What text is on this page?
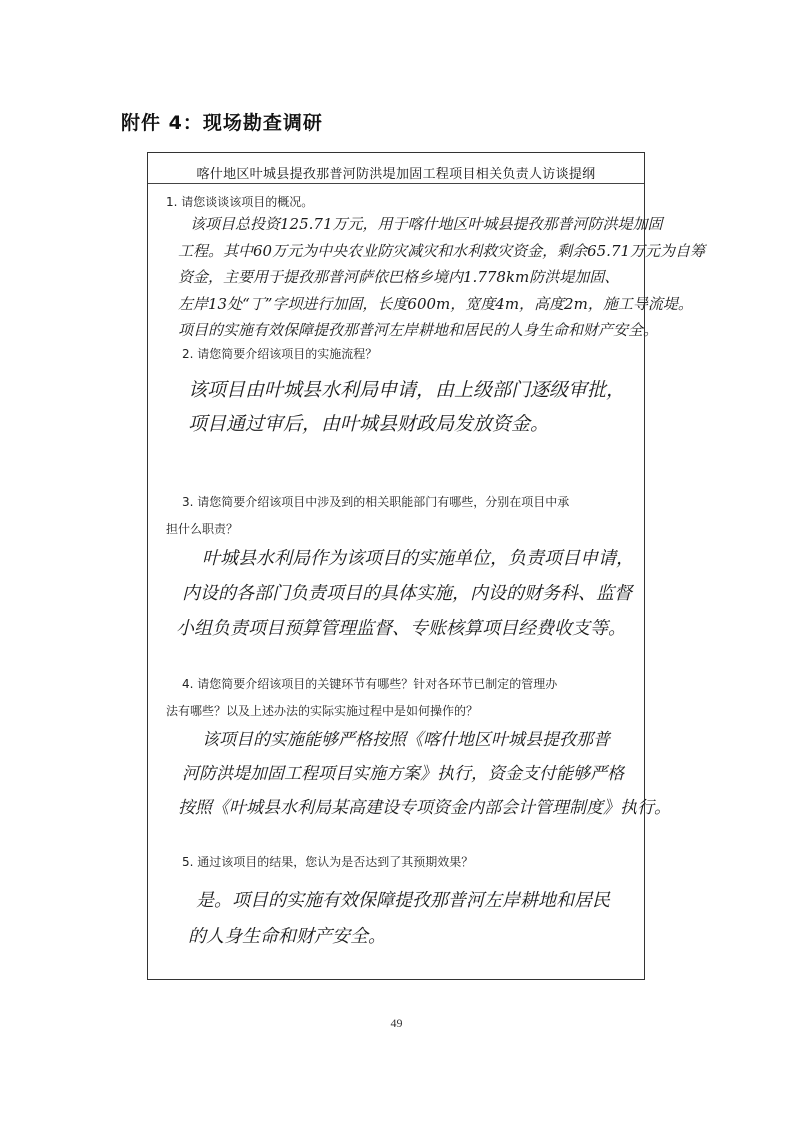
附件 4：现场勘查调研
喀什地区叶城县提孜那普河防洪堤加固工程项目相关负责人访谈提纲
1. 请您谈谈该项目的概况。
该项目总投资125.71万元，用于喀什地区叶城县提孜那普河防洪堤加固
工程。其中60万元为中央农业防灾减灾和水利救灾资金，剩余65.71万元为自筹
资金，主要用于提孜那普河萨依巴格乡境内1.778km防洪堤加固、
左岸13处“丁”字坝进行加固，长度600m，宽度4m，高度2m，施工导流堤。
项目的实施有效保障提孜那普河左岸耕地和居民的人身生命和财产安全。
2. 请您简要介绍该项目的实施流程？
该项目由叶城县水利局申请，由上级部门逐级审批，
项目通过审后，由叶城县财政局发放资金。
3. 请您简要介绍该项目中涉及到的相关职能部门有哪些，分别在项目中承
担什么职责？
叶城县水利局作为该项目的实施单位，负责项目申请，
内设的各部门负责项目的具体实施，内设的财务科、监督
小组负责项目预算管理监督、专账核算项目经费收支等。
4. 请您简要介绍该项目的关键环节有哪些？针对各环节已制定的管理办
法有哪些？以及上述办法的实际实施过程中是如何操作的？
该项目的实施能够严格按照《喀什地区叶城县提孜那普
河防洪堤加固工程项目实施方案》执行，资金支付能够严格
按照《叶城县水利局某高建设专项资金内部会计管理制度》执行。
5. 通过该项目的结果，您认为是否达到了其预期效果？
是。项目的实施有效保障提孜那普河左岸耕地和居民
的人身生命和财产安全。
49
